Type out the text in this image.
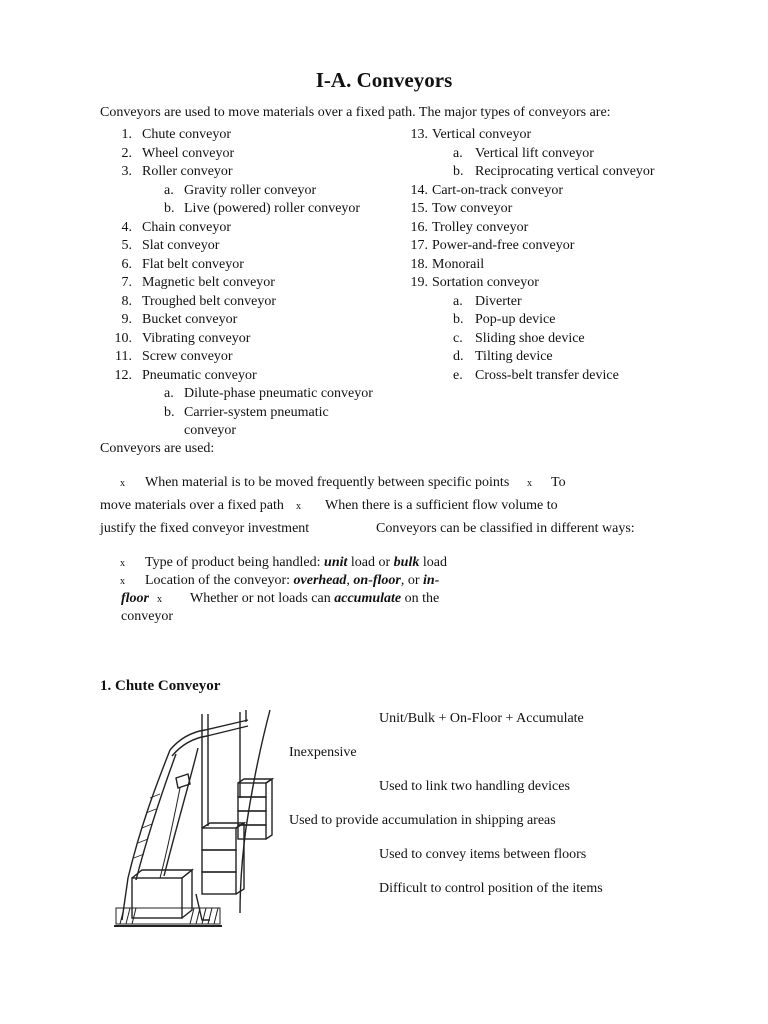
I-A. Conveyors
Conveyors are used to move materials over a fixed path. The major types of conveyors are:
1. Chute conveyor
2. Wheel conveyor
3. Roller conveyor
a. Gravity roller conveyor
b. Live (powered) roller conveyor
4. Chain conveyor
5. Slat conveyor
6. Flat belt conveyor
7. Magnetic belt conveyor
8. Troughed belt conveyor
9. Bucket conveyor
10. Vibrating conveyor
11. Screw conveyor
12. Pneumatic conveyor
a. Dilute-phase pneumatic conveyor
b. Carrier-system pneumatic
conveyor
13. Vertical conveyor
a. Vertical lift conveyor
b. Reciprocating vertical conveyor
14. Cart-on-track conveyor
15. Tow conveyor
16. Trolley conveyor
17. Power-and-free conveyor
18. Monorail
19. Sortation conveyor
a. Diverter
b. Pop-up device
c. Sliding shoe device
d. Tilting device
e. Cross-belt transfer device
Conveyors are used:
x When material is to be moved frequently between specific points x To
move materials over a fixed path x When there is a sufficient flow volume to
justify the fixed conveyor investment	Conveyors can be classified in different ways:
x Type of product being handled: unit load or bulk load
x Location of the conveyor: overhead, on-floor, or in-
floor x Whether or not loads can accumulate on the
conveyor
1. Chute Conveyor
Unit/Bulk + On-Floor + Accumulate
Inexpensive
Used to link two handling devices
Used to provide accumulation in shipping areas
Used to convey items between floors
Difficult to control position of the items
